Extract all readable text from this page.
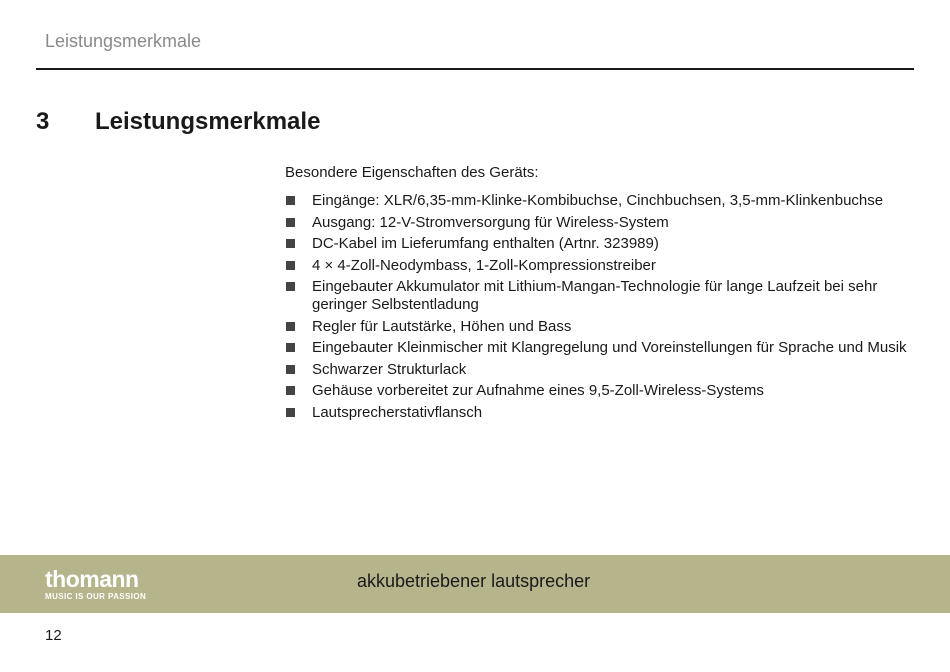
Leistungsmerkmale
3 Leistungsmerkmale
Besondere Eigenschaften des Geräts:
Eingänge: XLR/6,35-mm-Klinke-Kombibuchse, Cinchbuchsen, 3,5-mm-Klinkenbuchse
Ausgang: 12-V-Stromversorgung für Wireless-System
DC-Kabel im Lieferumfang enthalten (Artnr. 323989)
4 × 4-Zoll-Neodymbass, 1-Zoll-Kompressionstreiber
Eingebauter Akkumulator mit Lithium-Mangan-Technologie für lange Laufzeit bei sehr geringer Selbstentladung
Regler für Lautstärke, Höhen und Bass
Eingebauter Kleinmischer mit Klangregelung und Voreinstellungen für Sprache und Musik
Schwarzer Strukturlack
Gehäuse vorbereitet zur Aufnahme eines 9,5-Zoll-Wireless-Systems
Lautsprecherstativflansch
thomann
MUSIC IS OUR PASSION
akkubetriebener lautsprecher
12
